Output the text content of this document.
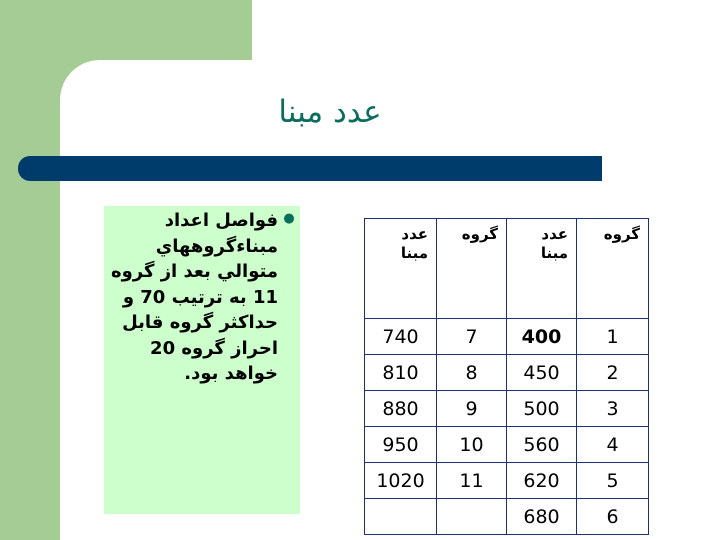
عدد مبنا
●
فواصل اعداد مبناءگروههاي متوالي بعد از گروه 11 به ترتيب 70 و حداکثر گروه قابل احراز گروه 20 خواهد بود.
گروه	عدد مبنا	گروه	عدد مبنا
1	400	7	740
2	450	8	810
3	500	9	880
4	560	10	950
5	620	11	1020
6	680		
